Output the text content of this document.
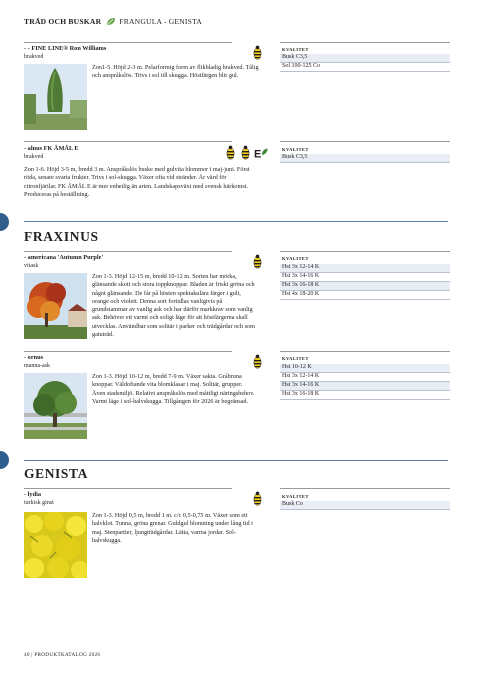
TRÄD OCH BUSKAR FRANGULA - GENISTA
- - FINE LINE® Ron Williams
brakved
Zon1-5. Höjd 2-3 m. Pelarformig form av flikbladig brakved. Tålig och anspråkslös. Trivs i sol till skugga. Höstfärgen blir gul.
KVALITET
Busk C3,5
Sol 100-125 Co
- alnus FK ÅMÅL E
brakved
Zon 1-6. Höjd 3-5 m, bredd 3 m. Anspråkslös buske med gulvita blommor i maj-juni. Först röda, senare svarta frukter. Trivs i sol-skugga. Växer ofta vid stränder. Är värd för citronfjärilar. FK ÅMÅL E är mer enhetlig än arten. Landskapsväxt med svensk härkomst. Produceras på beställning.
E	KVALITET
Busk C3,5
FRAXINUS
- americana 'Autumn Purple'
vitask
Zon 1-3. Höjd 12-15 m, bredd 10-12 m. Sorten har mörka, glänsande skott och stora toppknoppar. Bladen är friskt gröna och något glänsande. De får på hösten spektakulära färger i gult, orange och violett. Denna sort fortidlas vanligtvis på grundstammar av vanlig ask och har därför markkrav som vanlig ask. Behöver ett varmt och soligt läge för att höstfärgerna skall utvecklas. Användbar som solitär i parker och trädgårdar och som gatuträd.
KVALITET
Hst 3x 12-14 K
Hst 3x 14-16 K
Hst 3x 16-18 K
Hst 4x 18-20 K
- ornus
manna-ask
Zon 1-3. Höjd 10-12 m, bredd 7-9 m. Växer sakta. Gråbruna knoppar. Väldoftande vita blomklasar i maj. Solitär, grupper. Även stadsmiljö. Relativt anspråkslös med måttligt näringsbehov. Varmt läge i sol-halvskugga. Tillgången för 2026 är begränsad.
KVALITET
Hst 10-12 K
Hst 3x 12-14 K
Hst 3x 14-16 K
Hst 3x 16-18 K
GENISTA
- lydia
turkisk ginst
Zon 1-3. Höjd 0,5 m, bredd 1 m. c/c 0,5-0,75 m. Växer som ett halvklot. Tunna, gröna grenar. Guldgul blomning under lång tid i maj. Stenpartier, ljungträdgårdar. Lätta, varma jordar. Sol-halvskugga.
KVALITET
Busk Co
40 | PRODUKTKATALOG 2026
